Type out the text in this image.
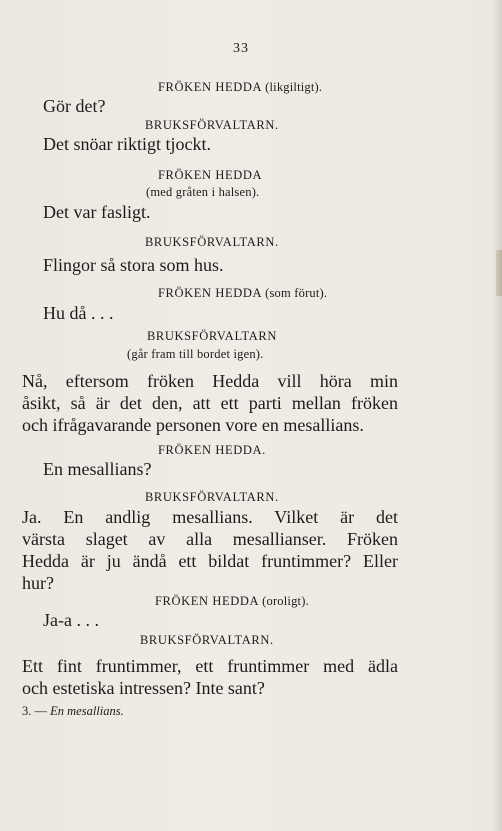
33
FRÖKEN HEDDA (likgiltigt).
Gör det?
BRUKSFÖRVALTARN.
Det snöar riktigt tjockt.
FRÖKEN HEDDA
(med gråten i halsen).
Det var fasligt.
BRUKSFÖRVALTARN.
Flingor så stora som hus.
FRÖKEN HEDDA (som förut).
Hu då . . .
BRUKSFÖRVALTARN
(går fram till bordet igen).
Nå, eftersom fröken Hedda vill höra min
åsikt, så är det den, att ett parti mellan fröken
och ifrågavarande personen vore en mesallians.
FRÖKEN HEDDA.
En mesallians?
BRUKSFÖRVALTARN.
Ja. En andlig mesallians. Vilket är det
värsta slaget av alla mesallianser. Fröken
Hedda är ju ändå ett bildat fruntimmer? Eller
hur?
FRÖKEN HEDDA (oroligt).
Ja-a . . .
BRUKSFÖRVALTARN.
Ett fint fruntimmer, ett fruntimmer med ädla
och estetiska intressen? Inte sant?
3. — En mesallians.
